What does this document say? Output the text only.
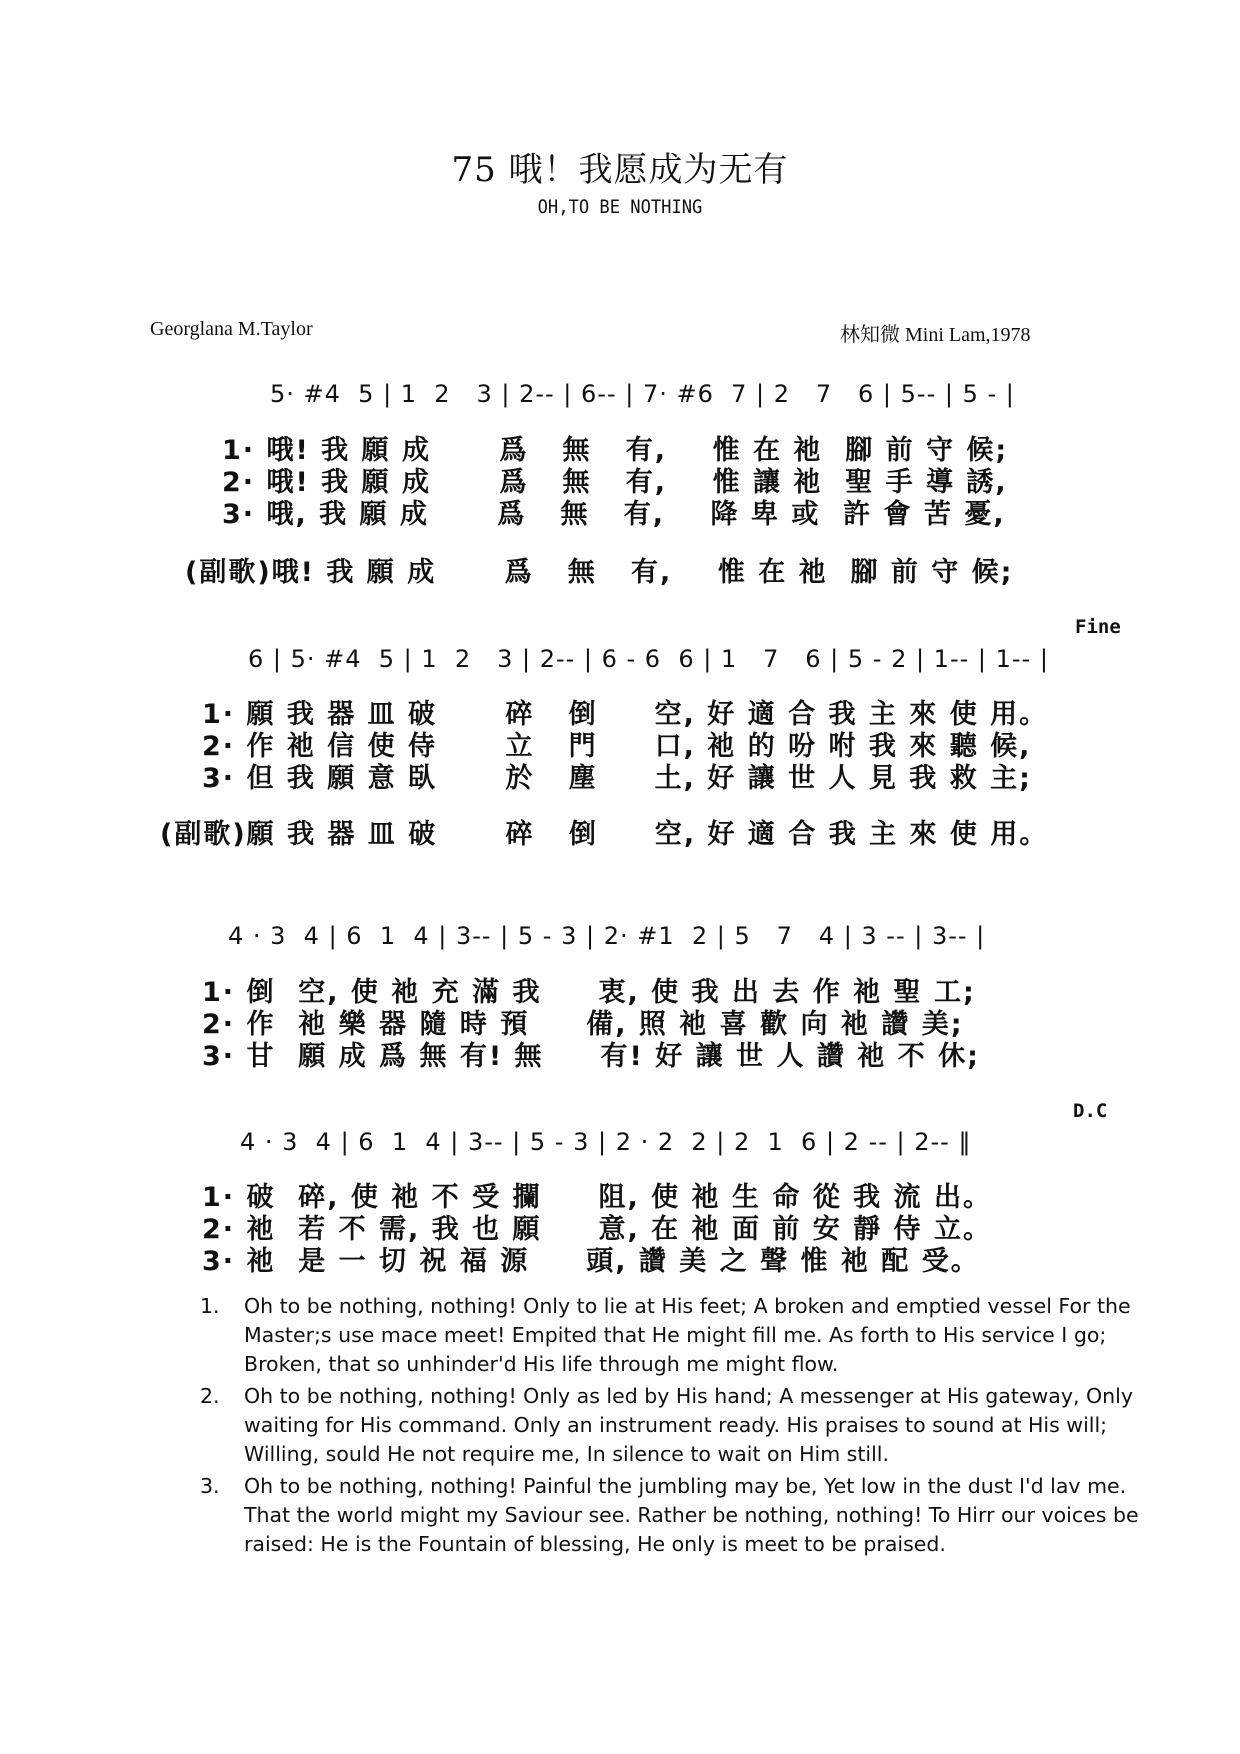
75 哦！我愿成为无有
OH,TO BE NOTHING
Georglana M.Taylor	林知微 Mini Lam,1978
5· #4  5 | 1  2   3 | 2-- | 6-- | 7· #6  7 | 2   7   6 | 5-- | 5 - |
1· 哦! 我 願 成      爲   無   有,    惟 在 祂  腳 前 守 候;
2· 哦! 我 願 成      爲   無   有,    惟 讓 祂  聖 手 導 誘,
3· 哦, 我 願 成      爲   無   有,    降 卑 或  許 會 苦 憂,
(副歌)哦! 我 願 成      爲   無   有,    惟 在 祂  腳 前 守 候;
Fine
6 | 5· #4  5 | 1  2   3 | 2-- | 6 - 6  6 | 1   7   6 | 5 - 2 | 1-- | 1-- |
1· 願 我 器 皿 破      碎   倒     空, 好 適 合 我 主 來 使 用。
2· 作 祂 信 使 侍      立   門     口, 祂 的 吩 咐 我 來 聽 候,
3· 但 我 願 意 臥      於   塵     土, 好 讓 世 人 見 我 救 主;
(副歌)願 我 器 皿 破      碎   倒     空, 好 適 合 我 主 來 使 用。
4 · 3  4 | 6  1  4 | 3-- | 5 - 3 | 2· #1  2 | 5   7   4 | 3 -- | 3-- |
1· 倒  空, 使 祂 充 滿 我     衷, 使 我 出 去 作 祂 聖 工;
2· 作  祂 樂 器 隨 時 預     備, 照 祂 喜 歡 向 祂 讚 美;
3· 甘  願 成 爲 無 有! 無     有! 好 讓 世 人 讚 祂 不 休;
D.C
4 · 3  4 | 6  1  4 | 3-- | 5 - 3 | 2 · 2  2 | 2  1  6 | 2 -- | 2-- ‖
1· 破  碎, 使 祂 不 受 攔     阻, 使 祂 生 命 從 我 流 出。
2· 祂  若 不 需, 我 也 願     意, 在 祂 面 前 安 靜 侍 立。
3· 祂  是 一 切 祝 福 源     頭, 讚 美 之 聲 惟 祂 配 受。
1.	Oh to be nothing, nothing! Only to lie at His feet; A broken and emptied vessel For the Master;s use mace meet! Empited that He might fill me. As forth to His service I go; Broken, that so unhinder'd His life through me might flow.
2.	Oh to be nothing, nothing! Only as led by His hand; A messenger at His gateway, Only waiting for His command. Only an instrument ready. His praises to sound at His will; Willing, sould He not require me, In silence to wait on Him still.
3.	Oh to be nothing, nothing! Painful the jumbling may be, Yet low in the dust I'd lav me. That the world might my Saviour see. Rather be nothing, nothing! To Hirr our voices be raised: He is the Fountain of blessing, He only is meet to be praised.
